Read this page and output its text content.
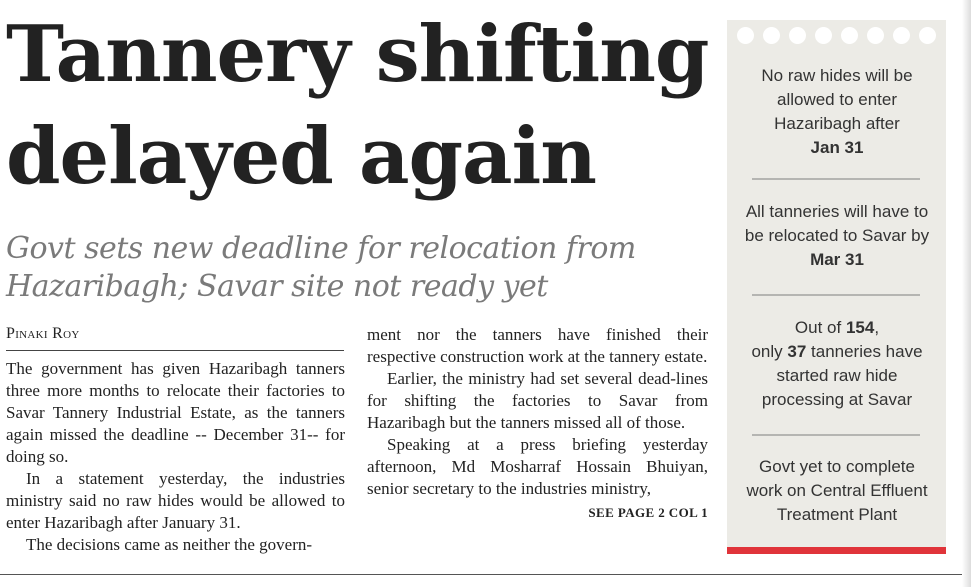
Tannery shifting
delayed again
Govt sets new deadline for relocation from
Hazaribagh; Savar site not ready yet
Pinaki Roy

The government has given Hazaribagh tanners three more months to relocate their factories to Savar Tannery Industrial Estate, as the tanners again missed the deadline -- December 31-- for doing so.

In a statement yesterday, the industries ministry said no raw hides would be allowed to enter Hazaribagh after January 31.

The decisions came as neither the govern-

ment nor the tanners have finished their respective construction work at the tannery estate.

Earlier, the ministry had set several dead-lines for shifting the factories to Savar from Hazaribagh but the tanners missed all of those.

Speaking at a press briefing yesterday afternoon, Md Mosharraf Hossain Bhuiyan, senior secretary to the industries ministry,

SEE PAGE 2 COL 1
No raw hides will be allowed to enter Hazaribagh after
Jan 31
All tanneries will have to be relocated to Savar by Mar 31
Out of 154,
only 37 tanneries have started raw hide processing at Savar
Govt yet to complete work on Central Effluent Treatment Plant
